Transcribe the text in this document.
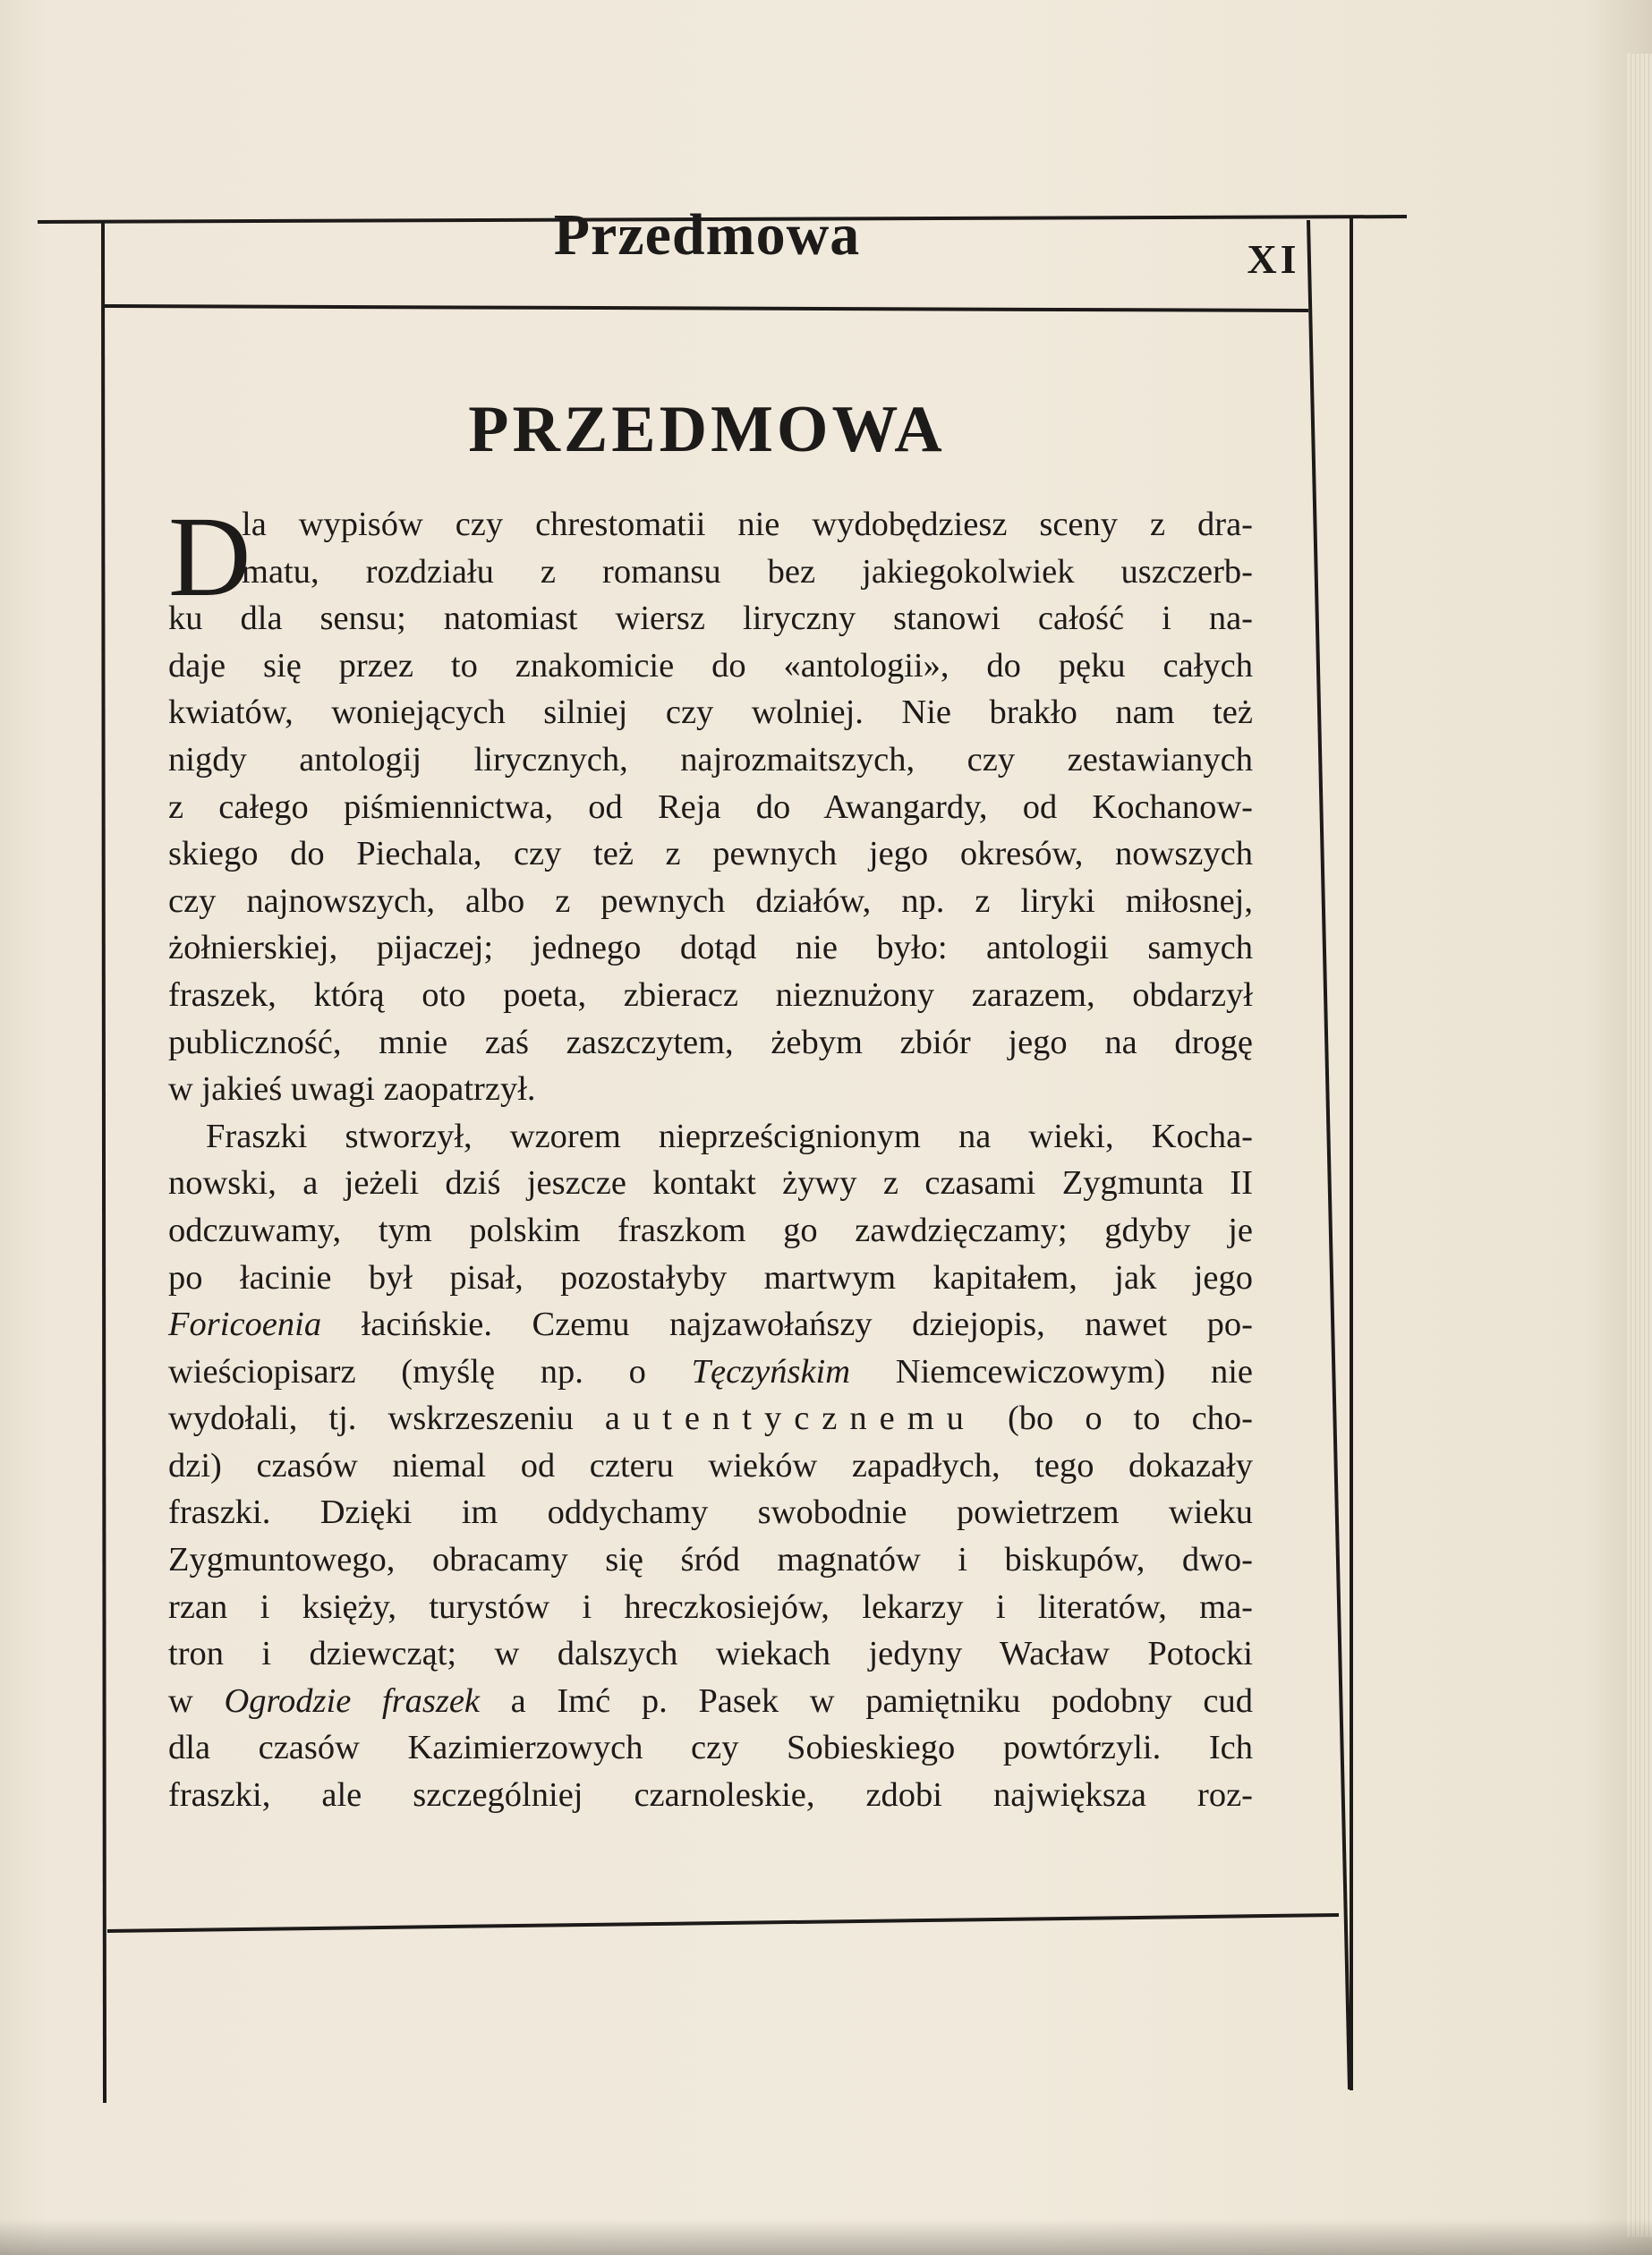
Przedmowa	XI
PRZEDMOWA
D
la wypisów czy chrestomatii nie wydobędziesz sceny z dra-
matu, rozdziału z romansu bez jakiegokolwiek uszczerb-
ku dla sensu; natomiast wiersz liryczny stanowi całość i na-
daje się przez to znakomicie do «antologii», do pęku całych
kwiatów, woniejących silniej czy wolniej. Nie brakło nam też
nigdy antologij lirycznych, najrozmaitszych, czy zestawianych
z całego piśmiennictwa, od Reja do Awangardy, od Kochanow-
skiego do Piechala, czy też z pewnych jego okresów, nowszych
czy najnowszych, albo z pewnych działów, np. z liryki miłosnej,
żołnierskiej, pijaczej; jednego dotąd nie było: antologii samych
fraszek, którą oto poeta, zbieracz nieznużony zarazem, obdarzył
publiczność, mnie zaś zaszczytem, żebym zbiór jego na drogę
w jakieś uwagi zaopatrzył.
Fraszki stworzył, wzorem nieprześcignionym na wieki, Kocha-
nowski, a jeżeli dziś jeszcze kontakt żywy z czasami Zygmunta II
odczuwamy, tym polskim fraszkom go zawdzięczamy; gdyby je
po łacinie był pisał, pozostałyby martwym kapitałem, jak jego
Foricoenia łacińskie. Czemu najzawołańszy dziejopis, nawet po-
wieściopisarz (myślę np. o Tęczyńskim Niemcewiczowym) nie
wydołali, tj. wskrzeszeniu autentycznemu (bo o to cho-
dzi) czasów niemal od czteru wieków zapadłych, tego dokazały
fraszki. Dzięki im oddychamy swobodnie powietrzem wieku
Zygmuntowego, obracamy się śród magnatów i biskupów, dwo-
rzan i księży, turystów i hreczkosiejów, lekarzy i literatów, ma-
tron i dziewcząt; w dalszych wiekach jedyny Wacław Potocki
w Ogrodzie fraszek a Imć p. Pasek w pamiętniku podobny cud
dla czasów Kazimierzowych czy Sobieskiego powtórzyli. Ich
fraszki, ale szczególniej czarnoleskie, zdobi największa roz-
